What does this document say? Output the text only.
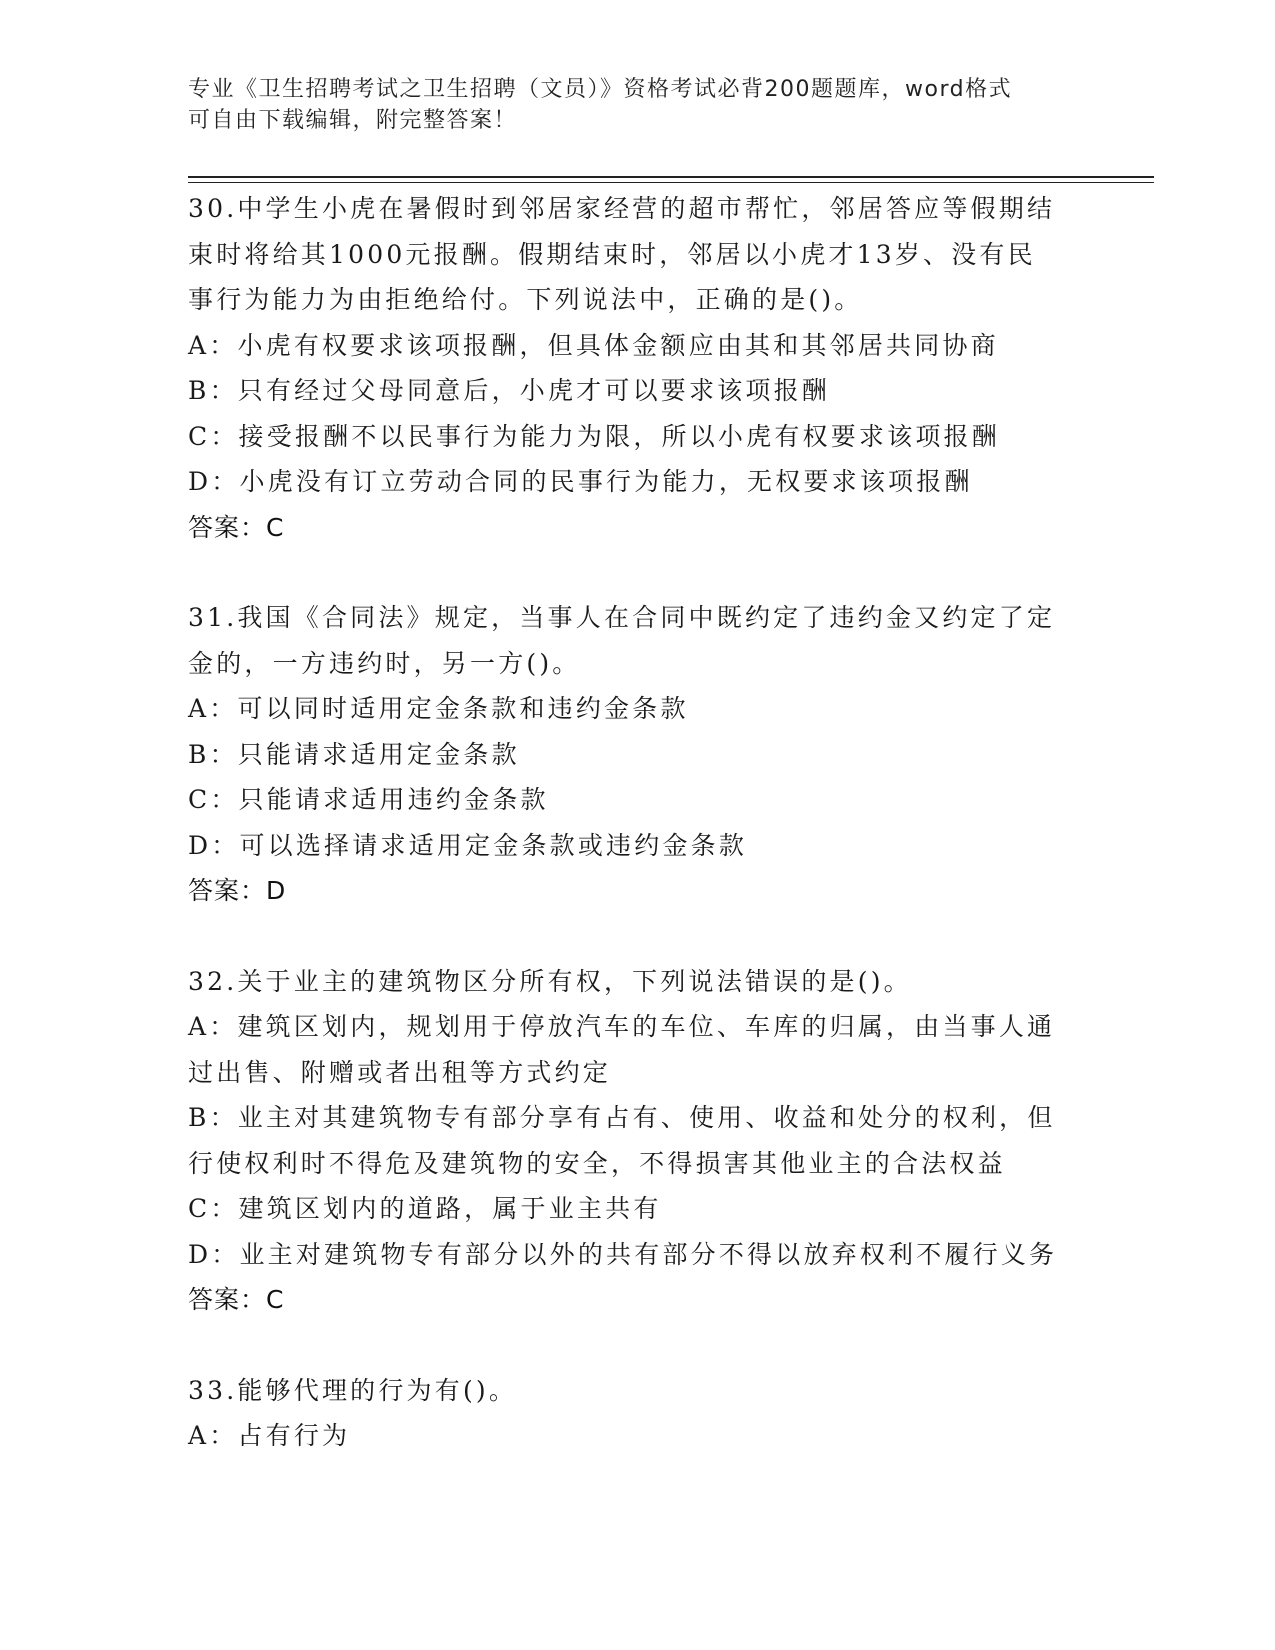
专业《卫生招聘考试之卫生招聘（文员）》资格考试必背200题题库，word格式
可自由下载编辑，附完整答案！
30.中学生小虎在暑假时到邻居家经营的超市帮忙，邻居答应等假期结
束时将给其1000元报酬。假期结束时，邻居以小虎才13岁、没有民
事行为能力为由拒绝给付。下列说法中，正确的是()。
A：小虎有权要求该项报酬，但具体金额应由其和其邻居共同协商
B：只有经过父母同意后，小虎才可以要求该项报酬
C：接受报酬不以民事行为能力为限，所以小虎有权要求该项报酬
D：小虎没有订立劳动合同的民事行为能力，无权要求该项报酬
答案：C
31.我国《合同法》规定，当事人在合同中既约定了违约金又约定了定
金的，一方违约时，另一方()。
A：可以同时适用定金条款和违约金条款
B：只能请求适用定金条款
C：只能请求适用违约金条款
D：可以选择请求适用定金条款或违约金条款
答案：D
32.关于业主的建筑物区分所有权，下列说法错误的是()。
A：建筑区划内，规划用于停放汽车的车位、车库的归属，由当事人通
过出售、附赠或者出租等方式约定
B：业主对其建筑物专有部分享有占有、使用、收益和处分的权利，但
行使权利时不得危及建筑物的安全，不得损害其他业主的合法权益
C：建筑区划内的道路，属于业主共有
D：业主对建筑物专有部分以外的共有部分不得以放弃权利不履行义务
答案：C
33.能够代理的行为有()。
A：占有行为
